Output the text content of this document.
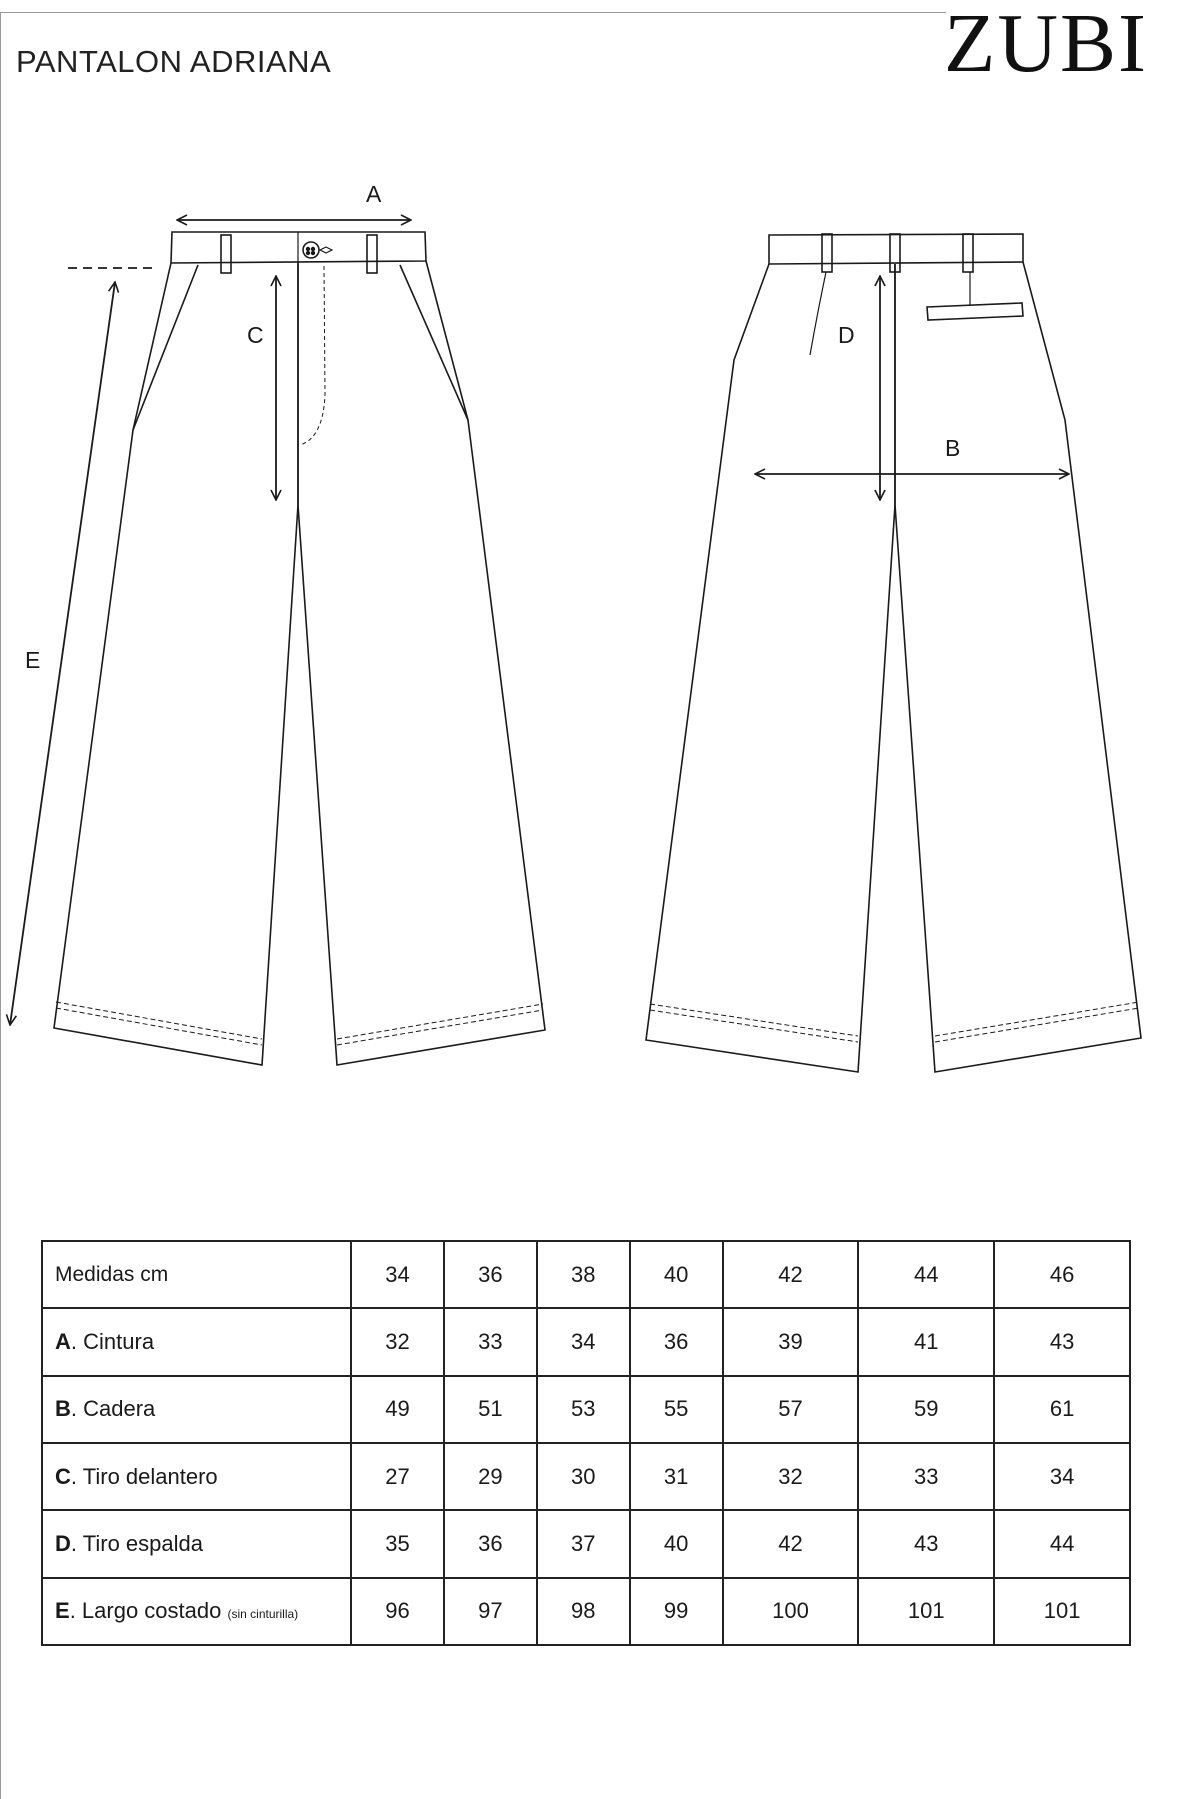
PANTALON ADRIANA	ZUBI
A
C	D
B
E
Medidas cm	34	36	38	40	42	44	46
A. Cintura	32	33	34	36	39	41	43
B. Cadera	49	51	53	55	57	59	61
C. Tiro delantero	27	29	30	31	32	33	34
D. Tiro espalda	35	36	37	40	42	43	44
E. Largo costado (sin cinturilla)	96	97	98	99	100	101	101
